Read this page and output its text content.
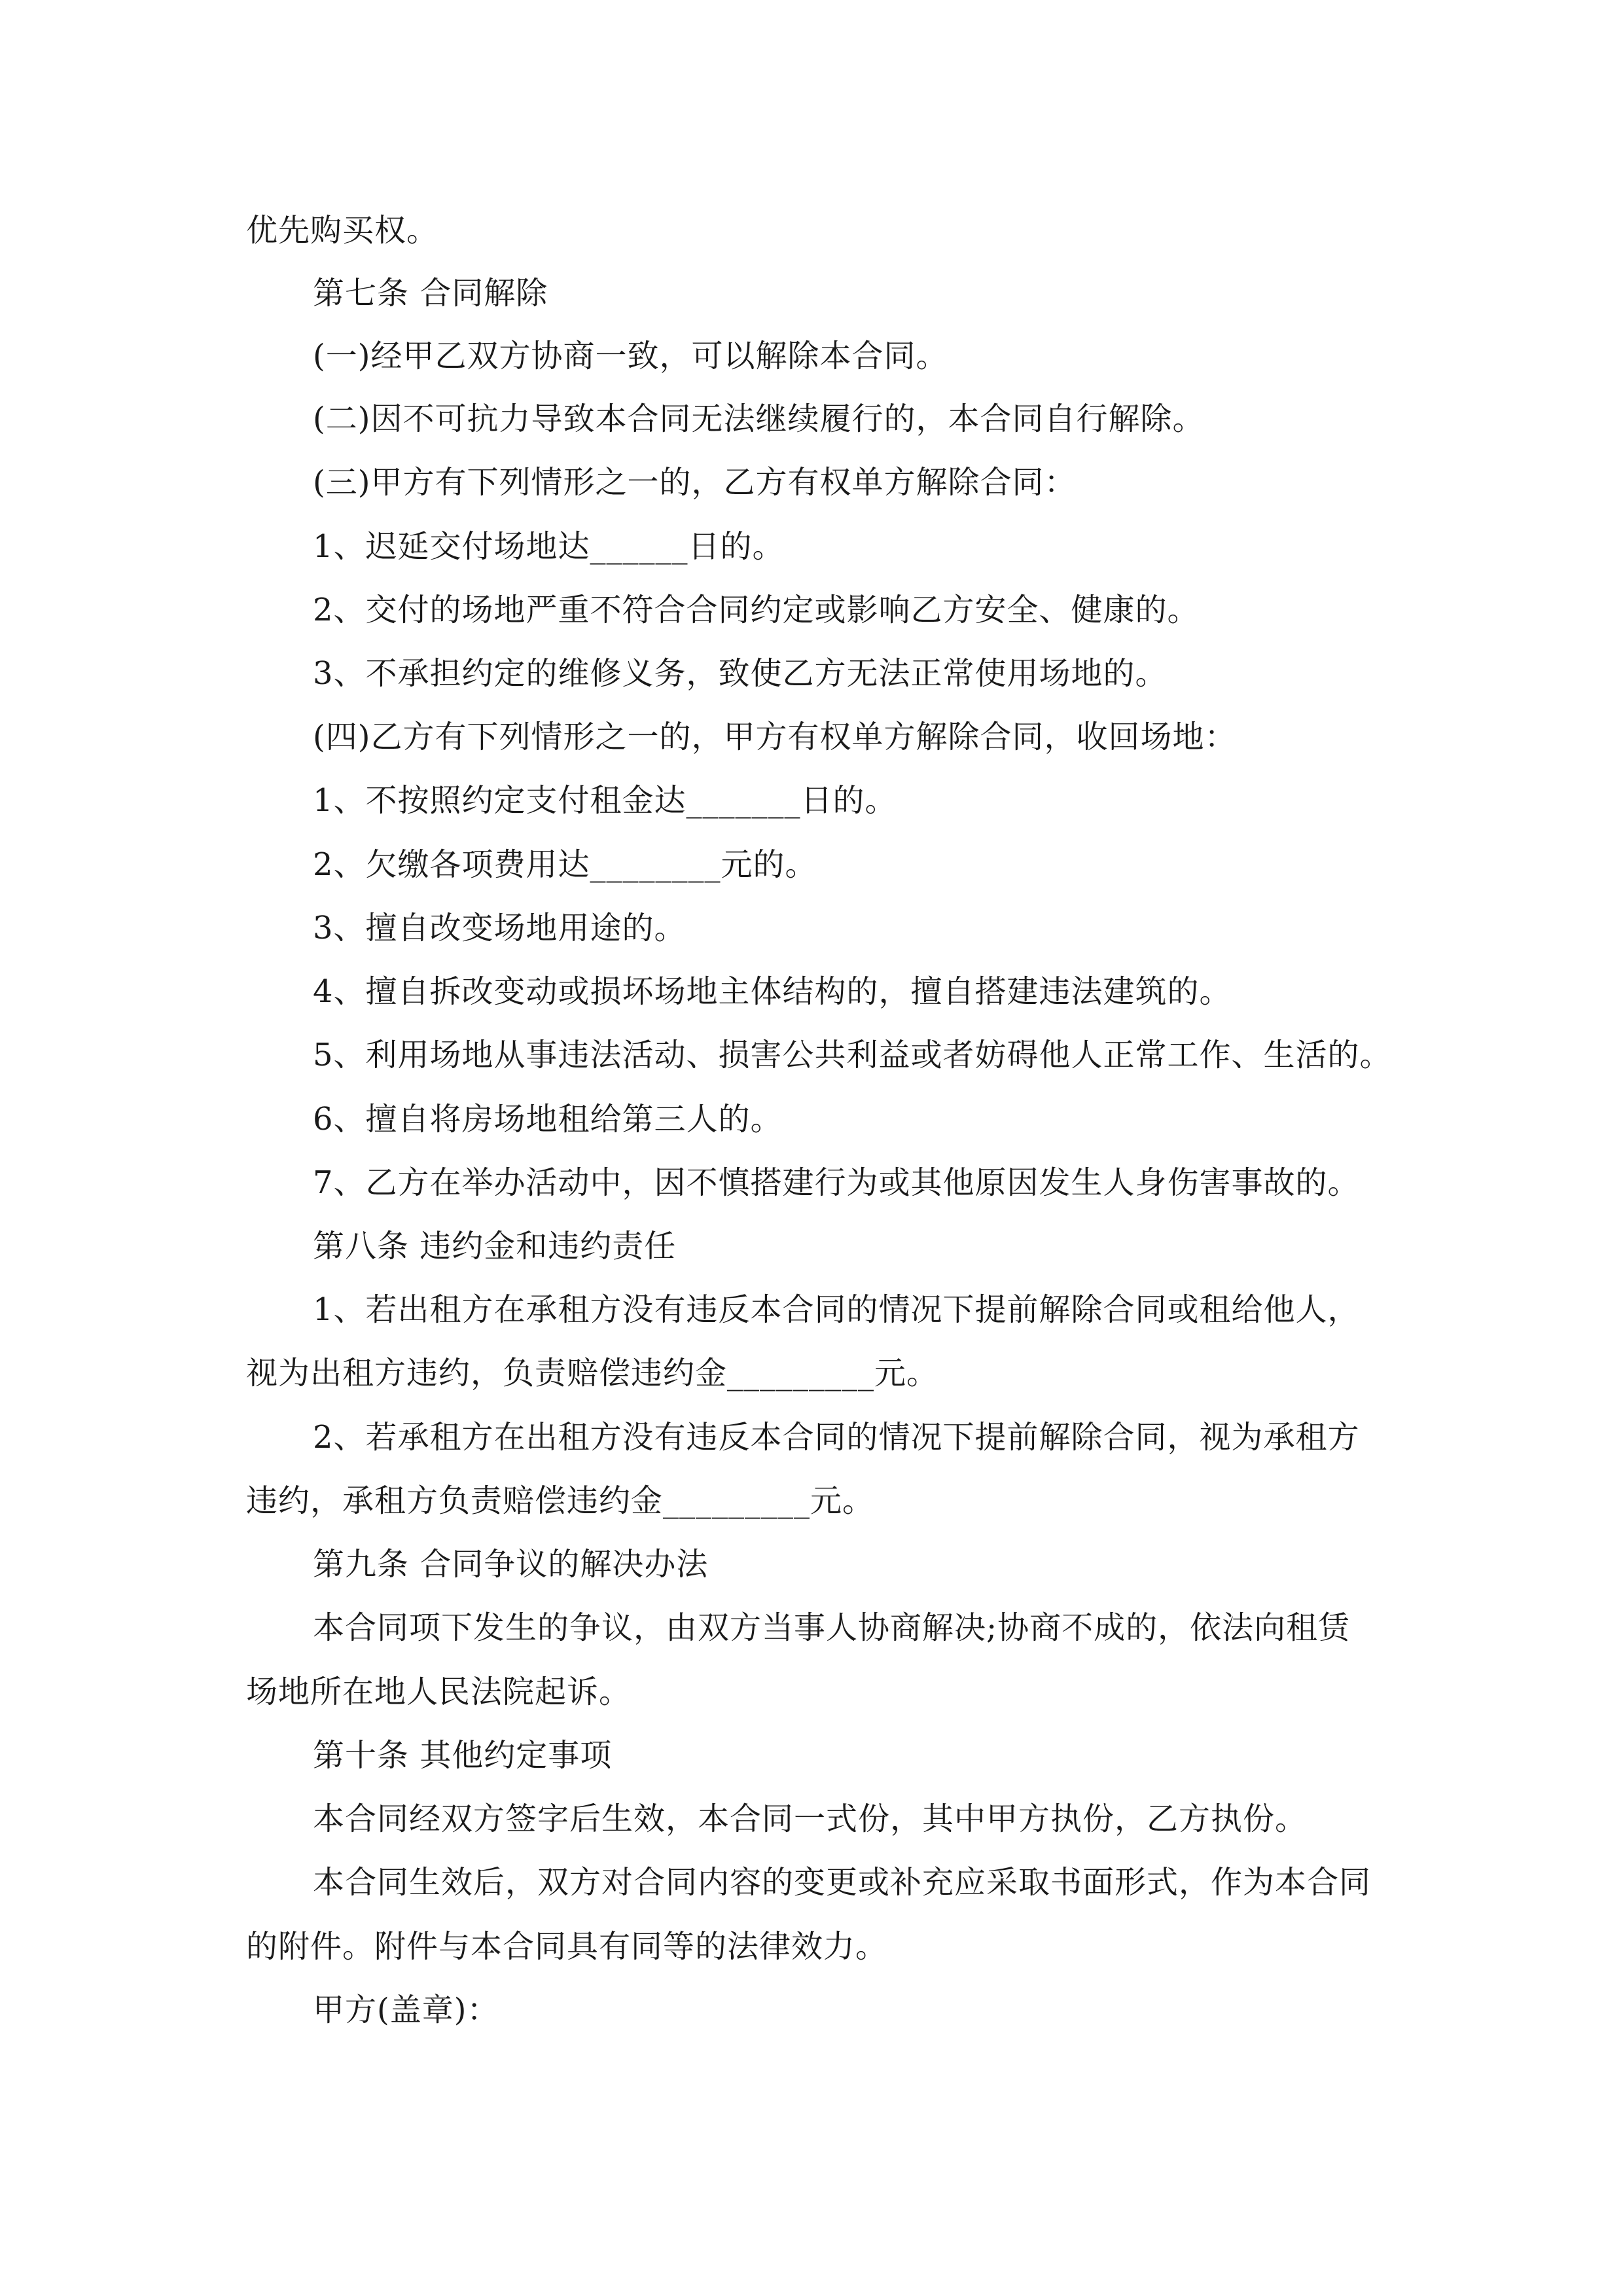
优先购买权。
第七条 合同解除
(一)经甲乙双方协商一致，可以解除本合同。
(二)因不可抗力导致本合同无法继续履行的，本合同自行解除。
(三)甲方有下列情形之一的，乙方有权单方解除合同：
1、迟延交付场地达______日的。
2、交付的场地严重不符合合同约定或影响乙方安全、健康的。
3、不承担约定的维修义务，致使乙方无法正常使用场地的。
(四)乙方有下列情形之一的，甲方有权单方解除合同，收回场地：
1、不按照约定支付租金达_______日的。
2、欠缴各项费用达________元的。
3、擅自改变场地用途的。
4、擅自拆改变动或损坏场地主体结构的，擅自搭建违法建筑的。
5、利用场地从事违法活动、损害公共利益或者妨碍他人正常工作、生活的。
6、擅自将房场地租给第三人的。
7、乙方在举办活动中，因不慎搭建行为或其他原因发生人身伤害事故的。
第八条 违约金和违约责任
1、若出租方在承租方没有违反本合同的情况下提前解除合同或租给他人，
视为出租方违约，负责赔偿违约金_________元。
2、若承租方在出租方没有违反本合同的情况下提前解除合同，视为承租方
违约，承租方负责赔偿违约金_________元。
第九条 合同争议的解决办法
本合同项下发生的争议，由双方当事人协商解决;协商不成的，依法向租赁
场地所在地人民法院起诉。
第十条 其他约定事项
本合同经双方签字后生效，本合同一式份，其中甲方执份，乙方执份。
本合同生效后，双方对合同内容的变更或补充应采取书面形式，作为本合同
的附件。附件与本合同具有同等的法律效力。
甲方(盖章)：
